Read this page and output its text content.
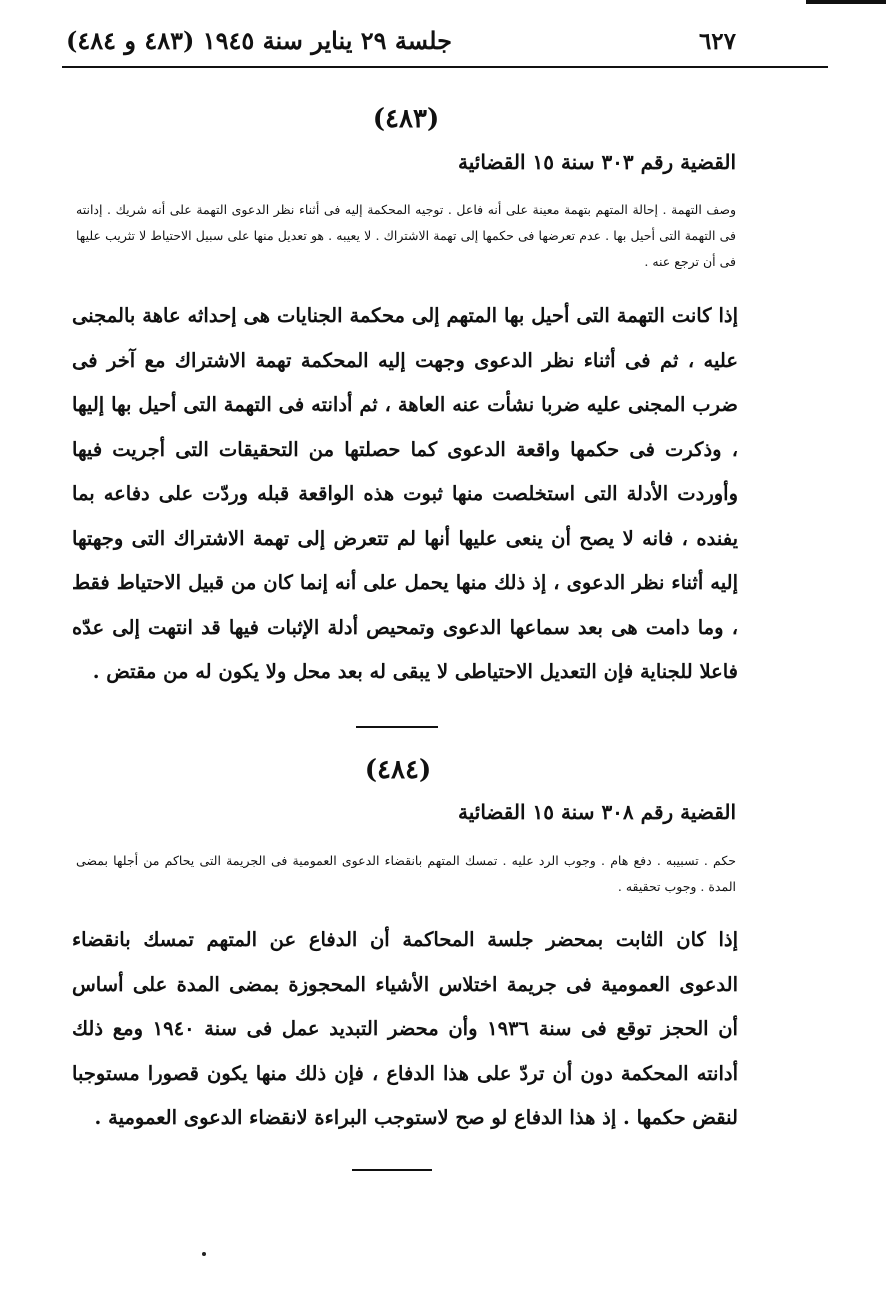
٦٢٧
جلسة ٢٩ يناير سنة ١٩٤٥ (٤٨٣ و ٤٨٤)
(٤٨٣)
القضية رقم ٣٠٣ سنة ١٥ القضائية
وصف التهمة . إحالة المتهم بتهمة معينة على أنه فاعل . توجيه المحكمة إليه فى أثناء نظر الدعوى التهمة على أنه شريك . إدانته فى التهمة التى أحيل بها . عدم تعرضها فى حكمها إلى تهمة الاشتراك . لا يعيبه . هو تعديل منها على سبيل الاحتياط لا تثريب عليها فى أن ترجع عنه .
إذا كانت التهمة التى أحيل بها المتهم إلى محكمة الجنايات هى إحداثه عاهة بالمجنى عليه ، ثم فى أثناء نظر الدعوى وجهت إليه المحكمة تهمة الاشتراك مع آخر فى ضرب المجنى عليه ضربا نشأت عنه العاهة ، ثم أدانته فى التهمة التى أحيل بها إليها ، وذكرت فى حكمها واقعة الدعوى كما حصلتها من التحقيقات التى أجريت فيها وأوردت الأدلة التى استخلصت منها ثبوت هذه الواقعة قبله وردّت على دفاعه بما يفنده ، فانه لا يصح أن ينعى عليها أنها لم تتعرض إلى تهمة الاشتراك التى وجهتها إليه أثناء نظر الدعوى ، إذ ذلك منها يحمل على أنه إنما كان من قبيل الاحتياط فقط ، وما دامت هى بعد سماعها الدعوى وتمحيص أدلة الإثبات فيها قد انتهت إلى عدّه فاعلا للجناية فإن التعديل الاحتياطى لا يبقى له بعد محل ولا يكون له من مقتض .
(٤٨٤)
القضية رقم ٣٠٨ سنة ١٥ القضائية
حكم . تسبيبه . دفع هام . وجوب الرد عليه . تمسك المتهم بانقضاء الدعوى العمومية فى الجريمة التى يحاكم من أجلها بمضى المدة . وجوب تحقيقه .
إذا كان الثابت بمحضر جلسة المحاكمة أن الدفاع عن المتهم تمسك بانقضاء الدعوى العمومية فى جريمة اختلاس الأشياء المحجوزة بمضى المدة على أساس أن الحجز توقع فى سنة ١٩٣٦ وأن محضر التبديد عمل فى سنة ١٩٤٠ ومع ذلك أدانته المحكمة دون أن تردّ على هذا الدفاع ، فإن ذلك منها يكون قصورا مستوجبا لنقض حكمها . إذ هذا الدفاع لو صح لاستوجب البراءة لانقضاء الدعوى العمومية .
